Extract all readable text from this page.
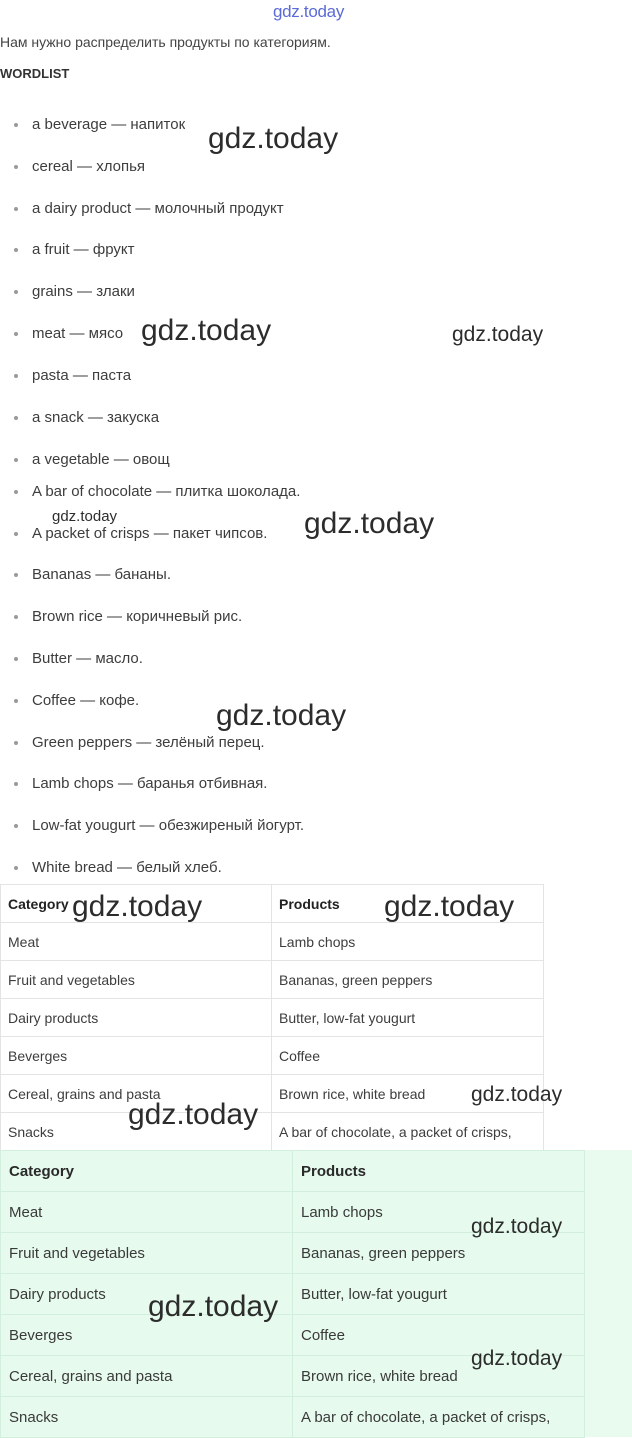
gdz.today
Нам нужно распределить продукты по категориям.
WORDLIST
a beverage — напиток
cereal — хлопья
a dairy product — молочный продукт
a fruit — фрукт
grains — злаки
meat — мясо
pasta — паста
a snack — закуска
a vegetable — овощ
A bar of chocolate — плитка шоколада.
A packet of crisps — пакет чипсов.
Bananas — бананы.
Brown rice — коричневый рис.
Butter — масло.
Coffee — кофе.
Green peppers — зелёный перец.
Lamb chops — баранья отбивная.
Low-fat yougurt — обезжиреный йогурт.
White bread — белый хлеб.
Category	Products
Meat	Lamb chops
Fruit and vegetables	Bananas, green peppers
Dairy products	Butter, low-fat yougurt
Beverges	Coffee
Cereal, grains and pasta	Brown rice, white bread
Snacks	A bar of chocolate, a packet of crisps,
Category	Products
Meat	Lamb chops
Fruit and vegetables	Bananas, green peppers
Dairy products	Butter, low-fat yougurt
Beverges	Coffee
Cereal, grains and pasta	Brown rice, white bread
Snacks	A bar of chocolate, a packet of crisps,
gdz.today
gdz.today	gdz.today
gdz.today	gdz.today
gdz.today
gdz.today	gdz.today
gdz.today
gdz.today
gdz.today
gdz.today
gdz.today
